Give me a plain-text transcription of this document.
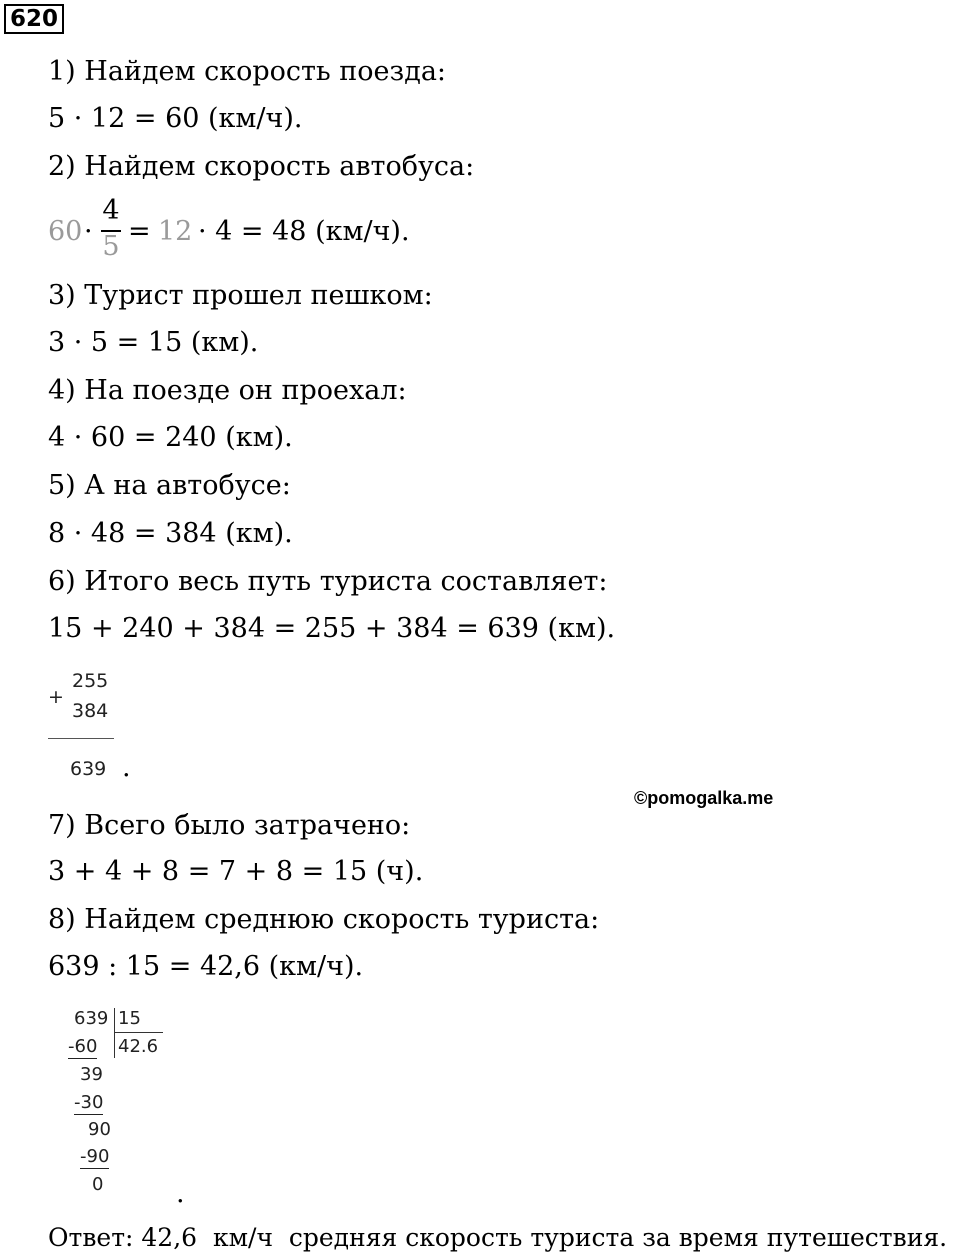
620
1) Найдем скорость поезда:
5 · 12 = 60 (км/ч).
2) Найдем скорость автобуса:
60 ·
4
5 = 12 · 4 = 48 (км/ч).
3) Турист прошел пешком:
3 · 5 = 15 (км).
4) На поезде он проехал:
4 · 60 = 240 (км).
5) А на автобусе:
8 · 48 = 384 (км).
6) Итого весь путь туриста составляет:
15 + 240 + 384 = 255 + 384 = 639 (км).
+
255
384
639 .
©pomogalka.me
7) Всего было затрачено:
3 + 4 + 8 = 7 + 8 = 15 (ч).
8) Найдем среднюю скорость туриста:
639 : 15 = 42,6 (км/ч).
639 15
42.6
-60
39
-30
90
-90
0	.
Ответ: 42,6  км/ч  средняя скорость туриста за время путешествия.
